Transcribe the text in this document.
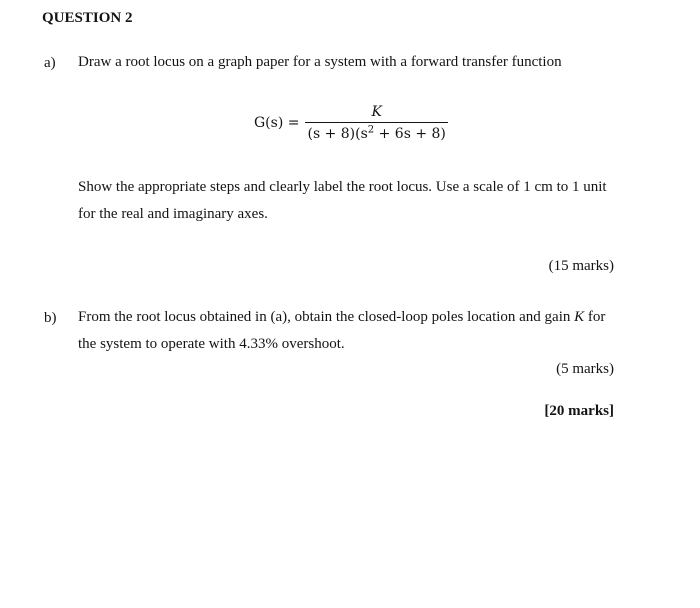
QUESTION 2
a) Draw a root locus on a graph paper for a system with a forward transfer function
$G(s) = \frac{K}{(s + 8)(s^2 + 6s + 8)}$
Show the appropriate steps and clearly label the root locus. Use a scale of 1 cm to 1 unit for the real and imaginary axes.
(15 marks)
b) From the root locus obtained in (a), obtain the closed-loop poles location and gain K for the system to operate with 4.33% overshoot.
(5 marks)
[20 marks]
